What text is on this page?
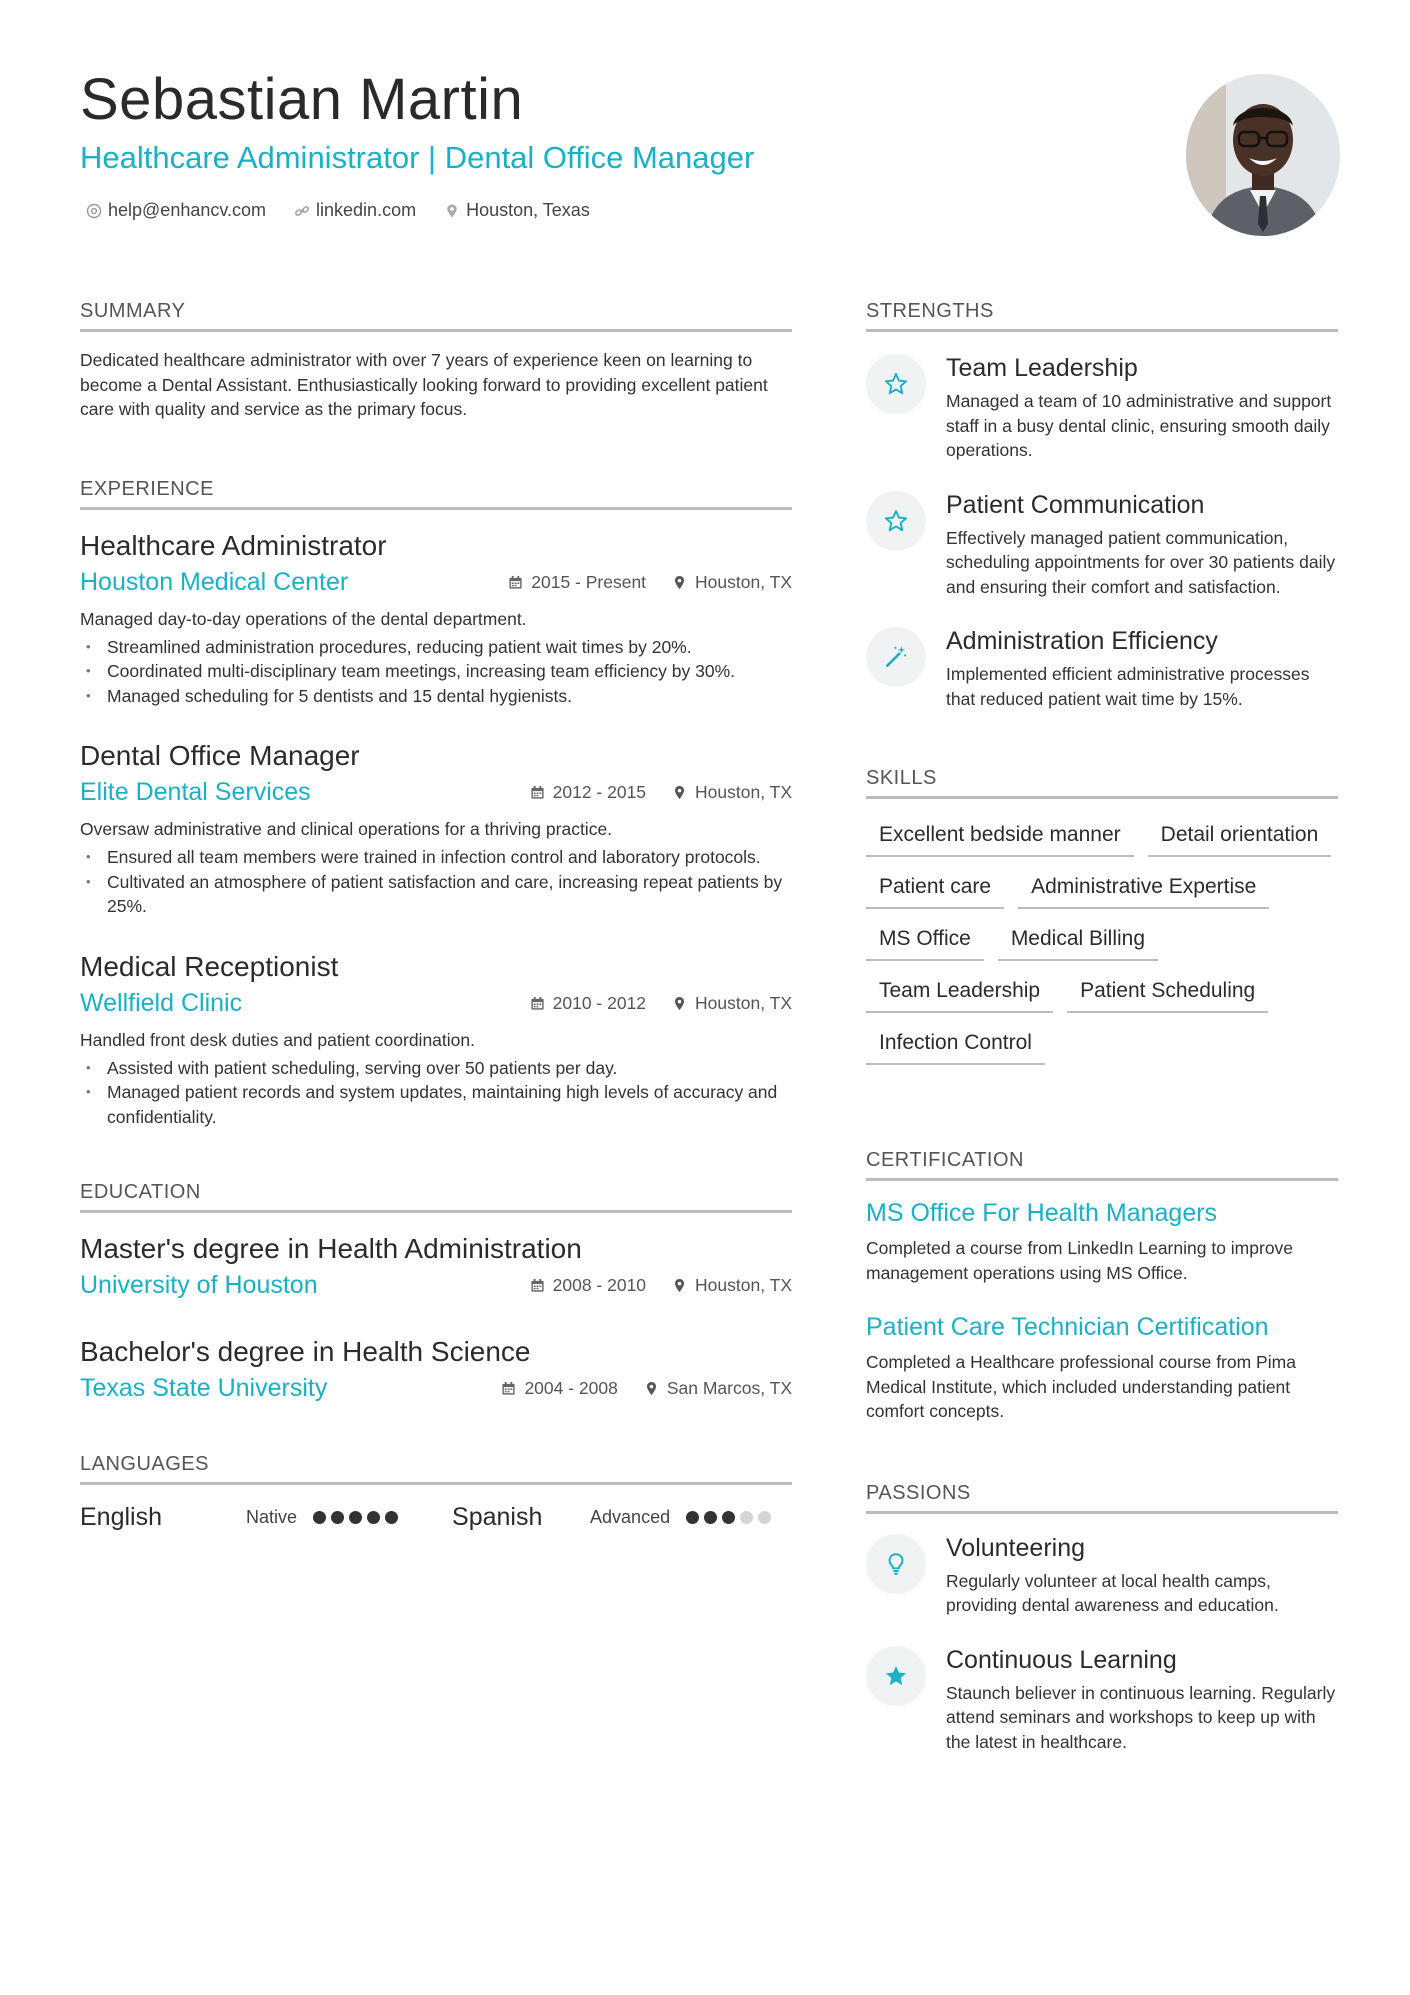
Sebastian Martin
Healthcare Administrator | Dental Office Manager
help@enhancv.com	linkedin.com	Houston, Texas
SUMMARY

Dedicated healthcare administrator with over 7 years of experience keen on learning to become a Dental Assistant. Enthusiastically looking forward to providing excellent patient care with quality and service as the primary focus.

EXPERIENCE
Healthcare Administrator
Houston Medical Center	2015 - Present	Houston, TX
Managed day-to-day operations of the dental department.
• Streamlined administration procedures, reducing patient wait times by 20%.
• Coordinated multi-disciplinary team meetings, increasing team efficiency by 30%.
• Managed scheduling for 5 dentists and 15 dental hygienists.
Dental Office Manager
Elite Dental Services	2012 - 2015	Houston, TX
Oversaw administrative and clinical operations for a thriving practice.
• Ensured all team members were trained in infection control and laboratory protocols.
• Cultivated an atmosphere of patient satisfaction and care, increasing repeat patients by 25%.
Medical Receptionist
Wellfield Clinic	2010 - 2012	Houston, TX
Handled front desk duties and patient coordination.
• Assisted with patient scheduling, serving over 50 patients per day.
• Managed patient records and system updates, maintaining high levels of accuracy and confidentiality.
EDUCATION
Master's degree in Health Administration
University of Houston	2008 - 2010	Houston, TX
Bachelor's degree in Health Science
Texas State University	2004 - 2008	San Marcos, TX
LANGUAGES
English	Native	Spanish	Advanced
STRENGTHS
Team Leadership
Managed a team of 10 administrative and support staff in a busy dental clinic, ensuring smooth daily operations.
Patient Communication
Effectively managed patient communication, scheduling appointments for over 30 patients daily and ensuring their comfort and satisfaction.
Administration Efficiency
Implemented efficient administrative processes that reduced patient wait time by 15%.
SKILLS
Excellent bedside manner	Detail orientation
Patient care	Administrative Expertise
MS Office	Medical Billing
Team Leadership	Patient Scheduling
Infection Control
CERTIFICATION
MS Office For Health Managers
Completed a course from LinkedIn Learning to improve management operations using MS Office.
Patient Care Technician Certification
Completed a Healthcare professional course from Pima Medical Institute, which included understanding patient comfort concepts.
PASSIONS
Volunteering
Regularly volunteer at local health camps, providing dental awareness and education.
Continuous Learning
Staunch believer in continuous learning. Regularly attend seminars and workshops to keep up with the latest in healthcare.
